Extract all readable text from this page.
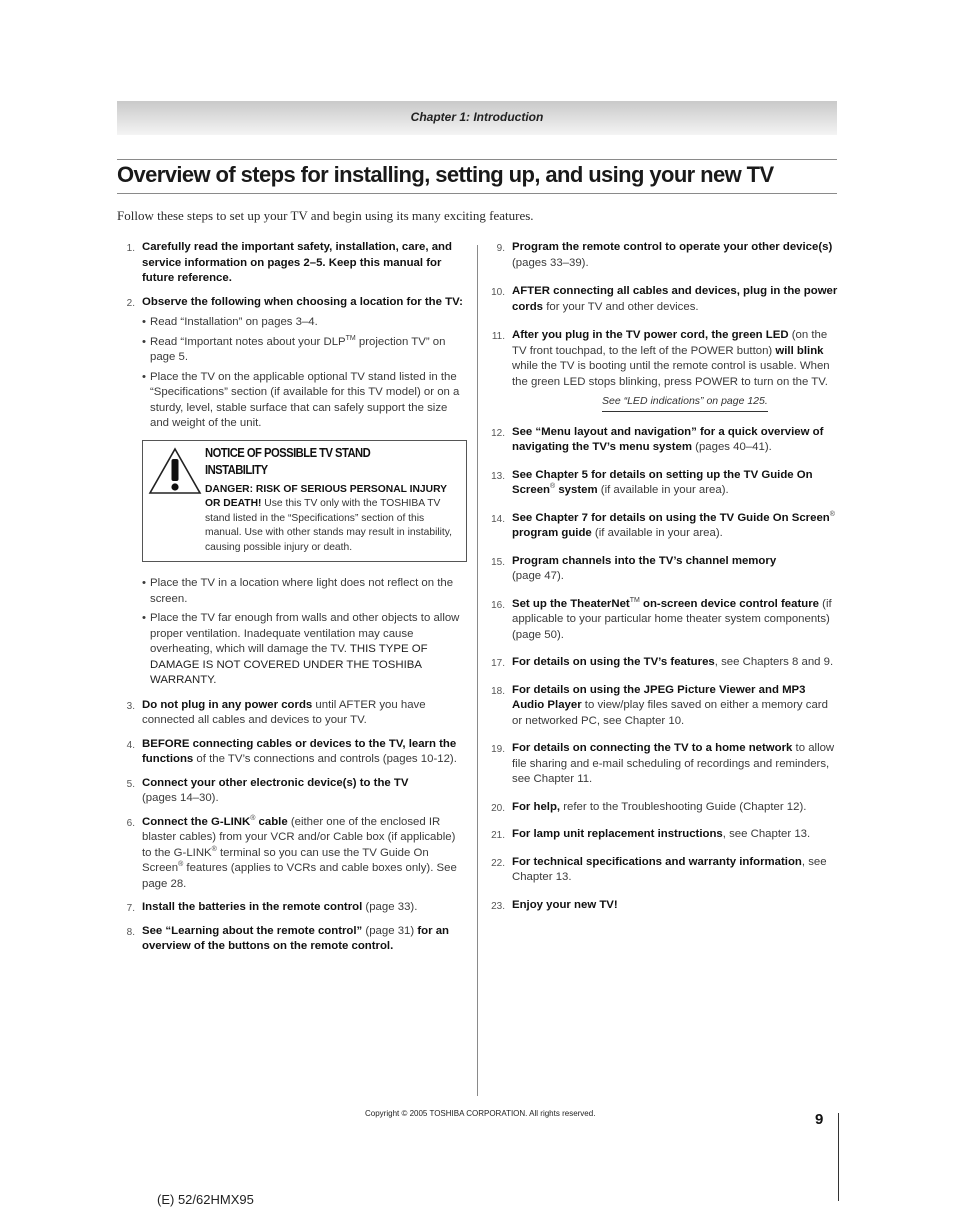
Chapter 1: Introduction
Overview of steps for installing, setting up, and using your new TV
Follow these steps to set up your TV and begin using its many exciting features.
1. Carefully read the important safety, installation, care, and service information on pages 2–5. Keep this manual for future reference.
2. Observe the following when choosing a location for the TV:
• Read “Installation” on pages 3–4.
• Read “Important notes about your DLP™ projection TV” on page 5.
• Place the TV on the applicable optional TV stand listed in the “Specifications” section (if available for this TV model) or on a sturdy, level, stable surface that can safely support the size and weight of the unit.
NOTICE OF POSSIBLE TV STAND INSTABILITY
DANGER: RISK OF SERIOUS PERSONAL INJURY OR DEATH! Use this TV only with the TOSHIBA TV stand listed in the “Specifications” section of this manual. Use with other stands may result in instability, causing possible injury or death.
• Place the TV in a location where light does not reflect on the screen.
• Place the TV far enough from walls and other objects to allow proper ventilation. Inadequate ventilation may cause overheating, which will damage the TV. THIS TYPE OF DAMAGE IS NOT COVERED UNDER THE TOSHIBA WARRANTY.
3. Do not plug in any power cords until AFTER you have connected all cables and devices to your TV.
4. BEFORE connecting cables or devices to the TV, learn the functions of the TV’s connections and controls (pages 10-12).
5. Connect your other electronic device(s) to the TV
(pages 14–30).
6. Connect the G-LINK® cable (either one of the enclosed IR blaster cables) from your VCR and/or Cable box (if applicable) to the G-LINK® terminal so you can use the TV Guide On Screen® features (applies to VCRs and cable boxes only). See page 28.
7. Install the batteries in the remote control (page 33).
8. See “Learning about the remote control” (page 31) for an overview of the buttons on the remote control.
9. Program the remote control to operate your other device(s) (pages 33–39).
10. AFTER connecting all cables and devices, plug in the power cords for your TV and other devices.
11. After you plug in the TV power cord, the green LED (on the TV front touchpad, to the left of the POWER button) will blink while the TV is booting until the remote control is usable. When the green LED stops blinking, press POWER to turn on the TV.
See “LED indications” on page 125.
12. See “Menu layout and navigation” for a quick overview of navigating the TV’s menu system (pages 40–41).
13. See Chapter 5 for details on setting up the TV Guide On Screen® system (if available in your area).
14. See Chapter 7 for details on using the TV Guide On Screen® program guide (if available in your area).
15. Program channels into the TV’s channel memory
(page 47).
16. Set up the TheaterNet™ on-screen device control feature (if applicable to your particular home theater system components) (page 50).
17. For details on using the TV’s features, see Chapters 8 and 9.
18. For details on using the JPEG Picture Viewer and MP3 Audio Player to view/play files saved on either a memory card or networked PC, see Chapter 10.
19. For details on connecting the TV to a home network to allow file sharing and e-mail scheduling of recordings and reminders, see Chapter 11.
20. For help, refer to the Troubleshooting Guide (Chapter 12).
21. For lamp unit replacement instructions, see Chapter 13.
22. For technical specifications and warranty information, see Chapter 13.
23. Enjoy your new TV!
Copyright © 2005 TOSHIBA CORPORATION. All rights reserved.	9
(E) 52/62HMX95
